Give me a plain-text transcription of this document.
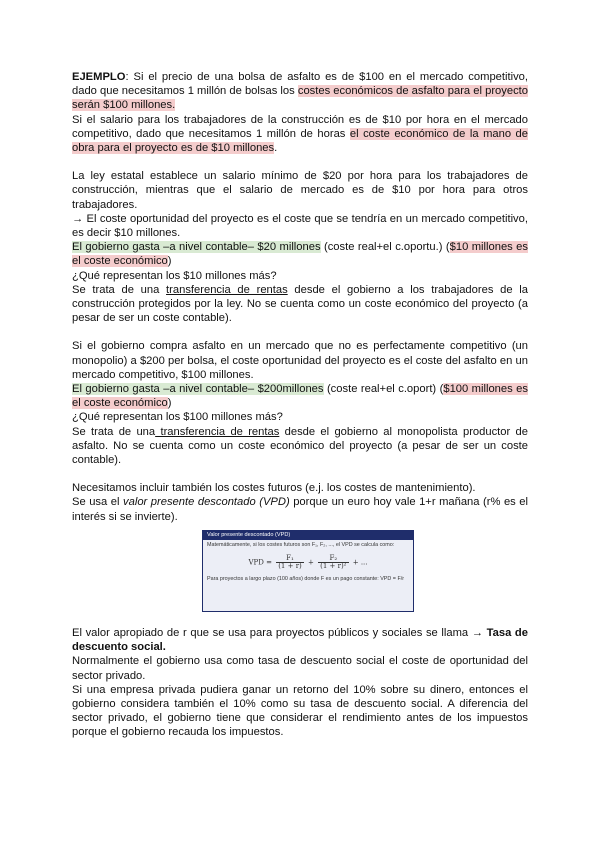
EJEMPLO: Si el precio de una bolsa de asfalto es de $100 en el mercado competitivo, dado que necesitamos 1 millón de bolsas los costes económicos de asfalto para el proyecto serán $100 millones.

Si el salario para los trabajadores de la construcción es de $10 por hora en el mercado competitivo, dado que necesitamos 1 millón de horas el coste económico de la mano de obra para el proyecto es de $10 millones.

La ley estatal establece un salario mínimo de $20 por hora para los trabajadores de construcción, mientras que el salario de mercado es de $10 por hora para otros trabajadores.

→ El coste oportunidad del proyecto es el coste que se tendría en un mercado competitivo, es decir $10 millones.

El gobierno gasta –a nivel contable– $20 millones (coste real+el c.oportu.) ($10 millones es el coste económico)

¿Qué representan los $10 millones más?

Se trata de una transferencia de rentas desde el gobierno a los trabajadores de la construcción protegidos por la ley. No se cuenta como un coste económico del proyecto (a pesar de ser un coste contable).

Si el gobierno compra asfalto en un mercado que no es perfectamente competitivo (un monopolio) a $200 per bolsa, el coste oportunidad del proyecto es el coste del asfalto en un mercado competitivo, $100 millones.

El gobierno gasta –a nivel contable– $200millones (coste real+el c.oport) ($100 millones es el coste económico)

¿Qué representan los $100 millones más?

Se trata de una transferencia de rentas desde el gobierno al monopolista productor de asfalto. No se cuenta como un coste económico del proyecto (a pesar de ser un coste contable).

Necesitamos incluir también los costes futuros (e.j. los costes de mantenimiento).

Se usa el valor presente descontado (VPD) porque un euro hoy vale 1+r mañana (r% es el interés si se invierte).

Valor presente descontado (VPD)
Matemáticamente, si los costes futuros son F₁, F₂, ..., el VPD se calcula como:
VPD = $\frac{\text{F₁}}{(1 + r)} + \frac{\text{F₂}}{\text{(1 + r)²}}$ + ...
Para proyectos a largo plazo (100 años) donde F es un pago constante: VPD = F/r

El valor apropiado de r que se usa para proyectos públicos y sociales se llama → Tasa de descuento social.

Normalmente el gobierno usa como tasa de descuento social el coste de oportunidad del sector privado.

Si una empresa privada pudiera ganar un retorno del 10% sobre su dinero, entonces el gobierno considera también el 10% como su tasa de descuento social. A diferencia del sector privado, el gobierno tiene que considerar el rendimiento antes de los impuestos porque el gobierno recauda los impuestos.
